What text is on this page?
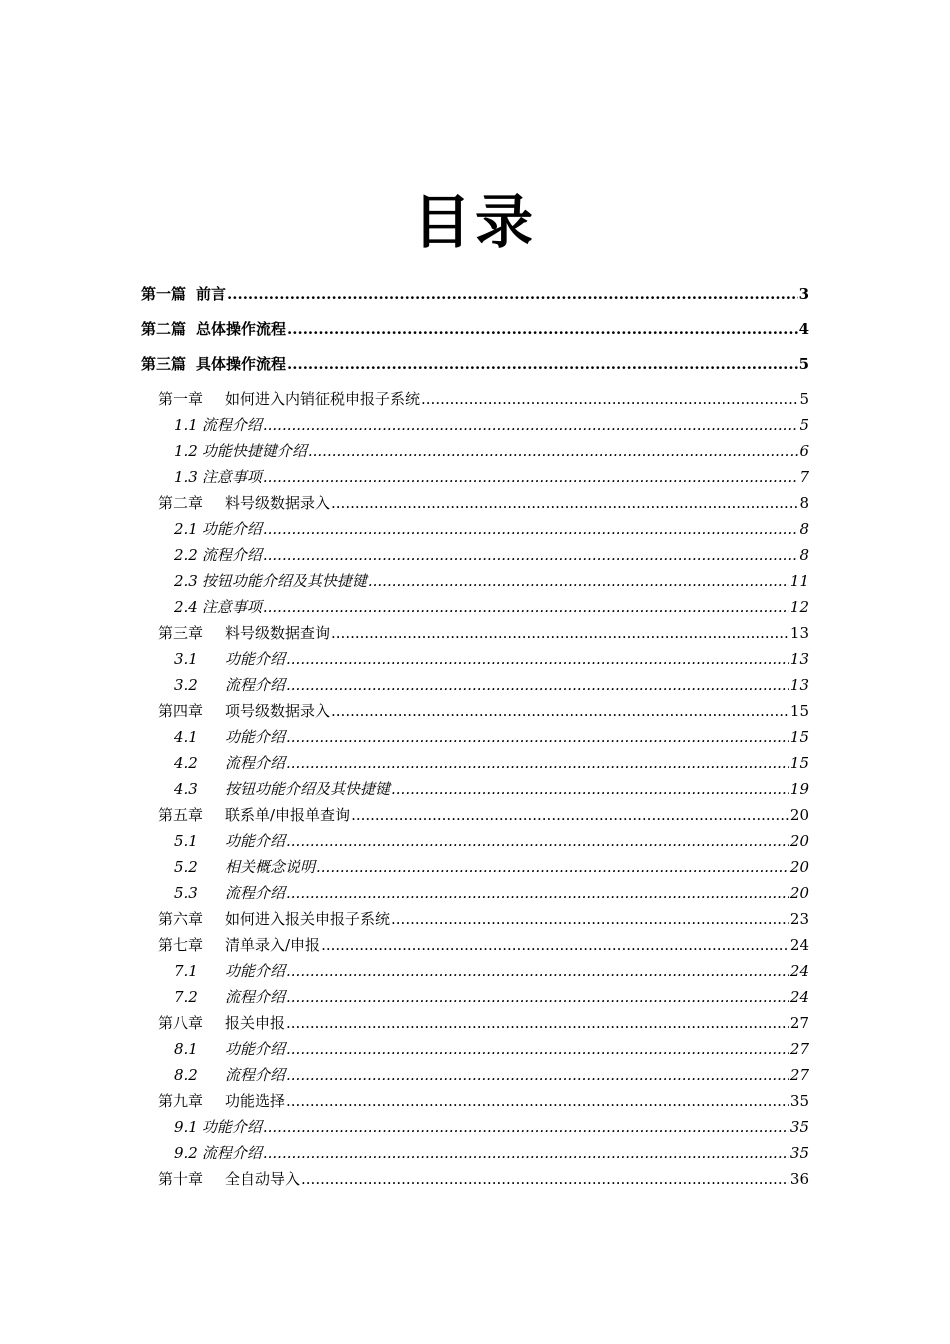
目录
第一篇 前言 .....	3
第二篇 总体操作流程 .....	4
第三篇 具体操作流程 .....	5
第一章 如何进入内销征税申报子系统 .....	5
1.1 流程介绍 .....	5
1.2 功能快捷键介绍 .....	6
1.3 注意事项 .....	7
第二章 料号级数据录入 .....	8
2.1 功能介绍 .....	8
2.2 流程介绍 .....	8
2.3 按钮功能介绍及其快捷键 .....	11
2.4 注意事项 .....	12
第三章 料号级数据查询 .....	13
3.1 功能介绍 .....	13
3.2 流程介绍 .....	13
第四章 项号级数据录入 .....	15
4.1 功能介绍 .....	15
4.2 流程介绍 .....	15
4.3 按钮功能介绍及其快捷键 .....	19
第五章 联系单/申报单查询 .....	20
5.1 功能介绍 .....	20
5.2 相关概念说明 .....	20
5.3 流程介绍 .....	20
第六章 如何进入报关申报子系统 .....	23
第七章 清单录入/申报 .....	24
7.1 功能介绍 .....	24
7.2 流程介绍 .....	24
第八章 报关申报 .....	27
8.1 功能介绍 .....	27
8.2 流程介绍 .....	27
第九章 功能选择 .....	35
9.1 功能介绍 .....	35
9.2 流程介绍 .....	35
第十章 全自动导入 .....	36
